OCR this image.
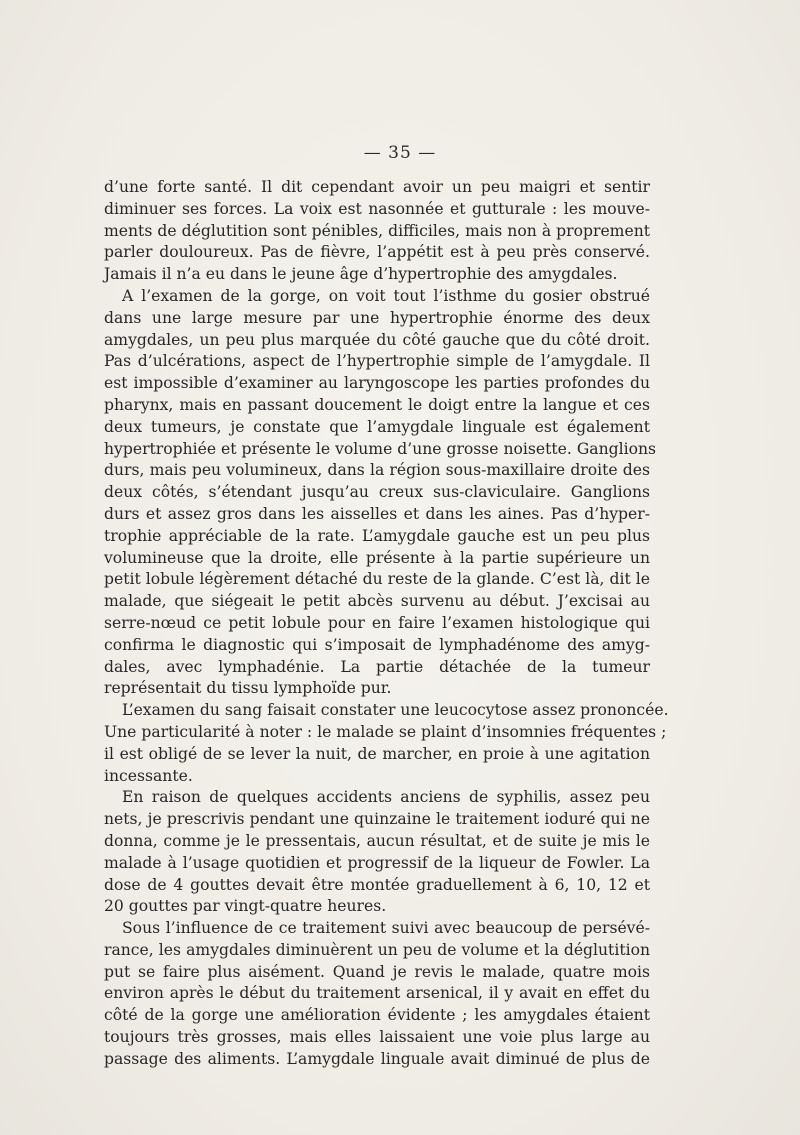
— 35 —

d’une forte santé. Il dit cependant avoir un peu maigri et sentir
diminuer ses forces. La voix est nasonnée et gutturale : les mouve-
ments de déglutition sont pénibles, difficiles, mais non à proprement
parler douloureux. Pas de fièvre, l’appétit est à peu près conservé.
Jamais il n’a eu dans le jeune âge d’hypertrophie des amygdales.

A l’examen de la gorge, on voit tout l’isthme du gosier obstrué
dans une large mesure par une hypertrophie énorme des deux
amygdales, un peu plus marquée du côté gauche que du côté droit.
Pas d’ulcérations, aspect de l’hypertrophie simple de l’amygdale. Il
est impossible d’examiner au laryngoscope les parties profondes du
pharynx, mais en passant doucement le doigt entre la langue et ces
deux tumeurs, je constate que l’amygdale linguale est également
hypertrophiée et présente le volume d’une grosse noisette. Ganglions
durs, mais peu volumineux, dans la région sous-maxillaire droite des
deux côtés, s’étendant jusqu’au creux sus-claviculaire. Ganglions
durs et assez gros dans les aisselles et dans les aines. Pas d’hyper-
trophie appréciable de la rate. L’amygdale gauche est un peu plus
volumineuse que la droite, elle présente à la partie supérieure un
petit lobule légèrement détaché du reste de la glande. C’est là, dit le
malade, que siégeait le petit abcès survenu au début. J’excisai au
serre-nœud ce petit lobule pour en faire l’examen histologique qui
confirma le diagnostic qui s’imposait de lymphadénome des amyg-
dales, avec lymphadénie. La partie détachée de la tumeur
représentait du tissu lymphoïde pur.

L’examen du sang faisait constater une leucocytose assez prononcée.
Une particularité à noter : le malade se plaint d’insomnies fréquentes ;
il est obligé de se lever la nuit, de marcher, en proie à une agitation
incessante.

En raison de quelques accidents anciens de syphilis, assez peu
nets, je prescrivis pendant une quinzaine le traitement ioduré qui ne
donna, comme je le pressentais, aucun résultat, et de suite je mis le
malade à l’usage quotidien et progressif de la liqueur de Fowler. La
dose de 4 gouttes devait être montée graduellement à 6, 10, 12 et
20 gouttes par vingt-quatre heures.

Sous l’influence de ce traitement suivi avec beaucoup de persévé-
rance, les amygdales diminuèrent un peu de volume et la déglutition
put se faire plus aisément. Quand je revis le malade, quatre mois
environ après le début du traitement arsenical, il y avait en effet du
côté de la gorge une amélioration évidente ; les amygdales étaient
toujours très grosses, mais elles laissaient une voie plus large au
passage des aliments. L’amygdale linguale avait diminué de plus de
